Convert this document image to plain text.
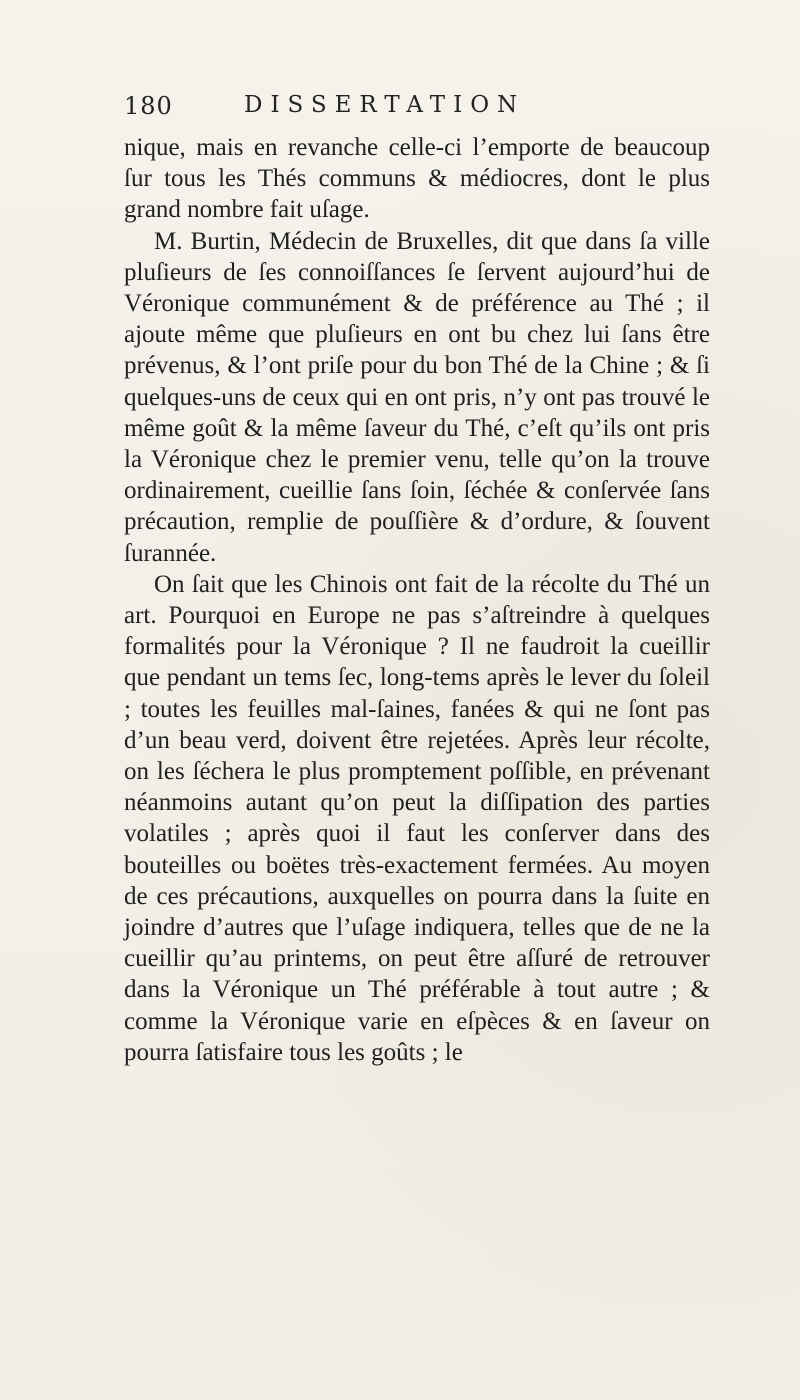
180	DISSERTATION

nique, mais en revanche celle-ci l’emporte de beaucoup ſur tous les Thés communs & médiocres, dont le plus grand nombre fait uſage.

M. Burtin, Médecin de Bruxelles, dit que dans ſa ville pluſieurs de ſes connoiſſances ſe ſervent aujourd’hui de Véronique communément & de préférence au Thé ; il ajoute même que pluſieurs en ont bu chez lui ſans être prévenus, & l’ont priſe pour du bon Thé de la Chine ; & ſi quelques-uns de ceux qui en ont pris, n’y ont pas trouvé le même goût & la même ſaveur du Thé, c’eſt qu’ils ont pris la Véronique chez le premier venu, telle qu’on la trouve ordinairement, cueillie ſans ſoin, ſéchée & conſervée ſans précaution, remplie de pouſſière & d’ordure, & ſouvent ſurannée.

On ſait que les Chinois ont fait de la récolte du Thé un art. Pourquoi en Europe ne pas s’aſtreindre à quelques formalités pour la Véronique ? Il ne faudroit la cueillir que pendant un tems ſec, long-tems après le lever du ſoleil ; toutes les feuilles mal-ſaines, fanées & qui ne ſont pas d’un beau verd, doivent être rejetées. Après leur récolte, on les ſéchera le plus promptement poſſible, en prévenant néanmoins autant qu’on peut la diſſipation des parties volatiles ; après quoi il faut les conſerver dans des bouteilles ou boëtes très-exactement fermées. Au moyen de ces précautions, auxquelles on pourra dans la ſuite en joindre d’autres que l’uſage indiquera, telles que de ne la cueillir qu’au printems, on peut être aſſuré de retrouver dans la Véronique un Thé préférable à tout autre ; & comme la Véronique varie en eſpèces & en ſaveur on pourra ſatisfaire tous les goûts ; le
